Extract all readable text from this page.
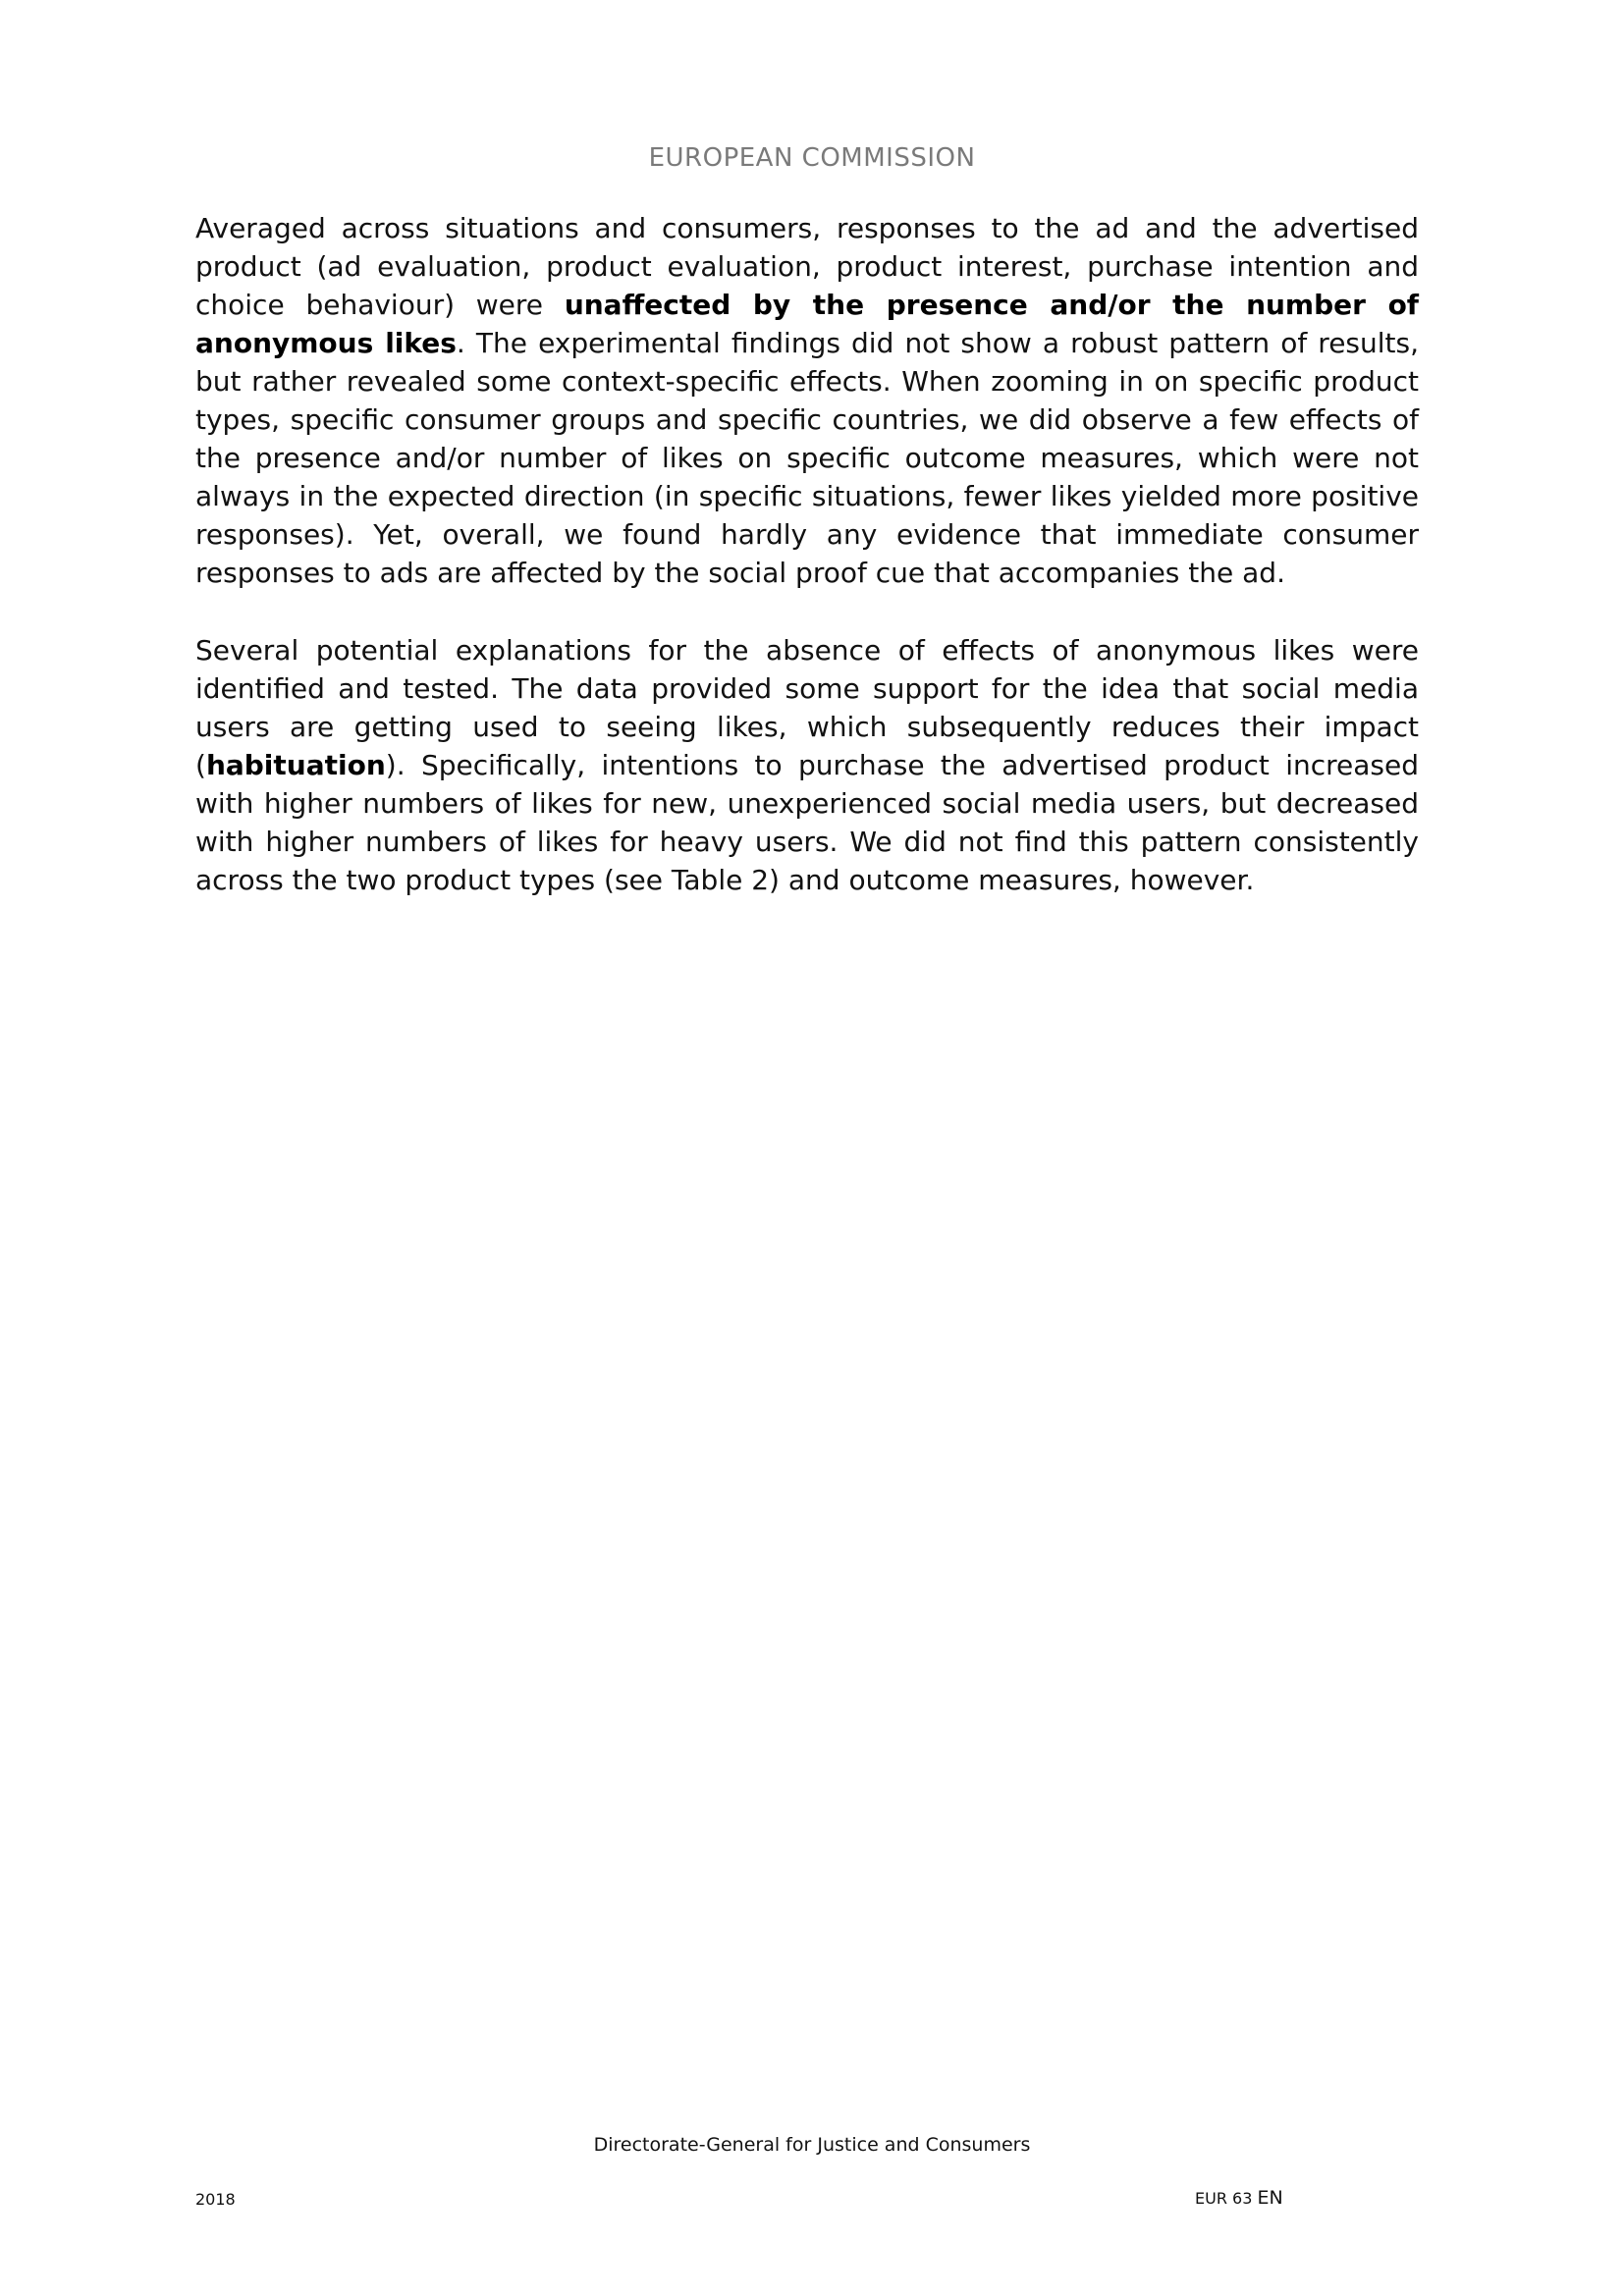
EUROPEAN COMMISSION
Averaged across situations and consumers, responses to the ad and the advertised product (ad evaluation, product evaluation, product interest, purchase intention and choice behaviour) were unaffected by the presence and/or the number of anonymous likes. The experimental findings did not show a robust pattern of results, but rather revealed some context-specific effects. When zooming in on specific product types, specific consumer groups and specific countries, we did observe a few effects of the presence and/or number of likes on specific outcome measures, which were not always in the expected direction (in specific situations, fewer likes yielded more positive responses). Yet, overall, we found hardly any evidence that immediate consumer responses to ads are affected by the social proof cue that accompanies the ad.
Several potential explanations for the absence of effects of anonymous likes were identified and tested. The data provided some support for the idea that social media users are getting used to seeing likes, which subsequently reduces their impact (habituation). Specifically, intentions to purchase the advertised product increased with higher numbers of likes for new, unexperienced social media users, but decreased with higher numbers of likes for heavy users. We did not find this pattern consistently across the two product types (see Table 2) and outcome measures, however.
Directorate-General for Justice and Consumers
2018	EUR 63 EN
